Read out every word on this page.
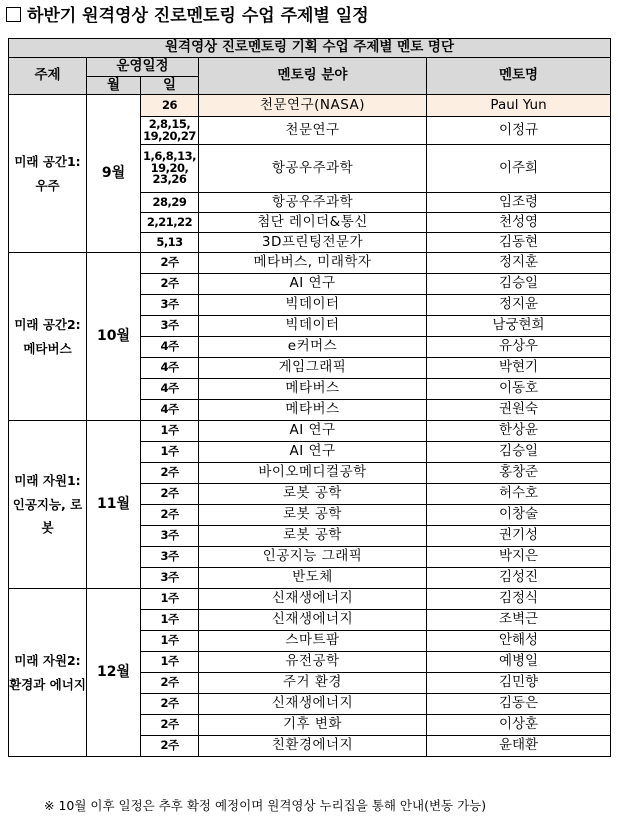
하반기 원격영상 진로멘토링 수업 주제별 일정
원격영상 진로멘토링 기획 수업 주제별 멘토 명단				
주제	운영일정		멘토링 분야	멘토명
	월	일		
미래 공간1: 우주	9월	26	천문연구(NASA)	Paul Yun
		2,8,15, 19,20,27	천문연구	이정규
		1,6,8,13, 19,20, 23,26	항공우주과학	이주희
		28,29	항공우주과학	임조령
		2,21,22	첨단 레이더&통신	천성영
		5,13	3D프린팅전문가	김동현
미래 공간2: 메타버스	10월	2주	메타버스, 미래학자	정지훈
		2주	AI 연구	김승일
		3주	빅데이터	정지윤
		3주	빅데이터	남궁현희
		4주	e커머스	유상우
		4주	게임그래픽	박현기
		4주	메타버스	이동호
		4주	메타버스	권원숙
미래 자원1: 인공지능, 로봇	11월	1주	AI 연구	한상윤
		1주	AI 연구	김승일
		2주	바이오메디컬공학	홍창준
		2주	로봇 공학	허수호
		2주	로봇 공학	이창술
		3주	로봇 공학	권기성
		3주	인공지능 그래픽	박지은
		3주	반도체	김성진
미래 자원2: 환경과 에너지	12월	1주	신재생에너지	김정식
		1주	신재생에너지	조벽근
		1주	스마트팜	안해성
		1주	유전공학	예병일
		2주	주거 환경	김민향
		2주	신재생에너지	김동은
		2주	기후 변화	이상훈
		2주	친환경에너지	윤태환
※ 10월 이후 일정은 추후 확정 예정이며 원격영상 누리집을 통해 안내(변동 가능)
